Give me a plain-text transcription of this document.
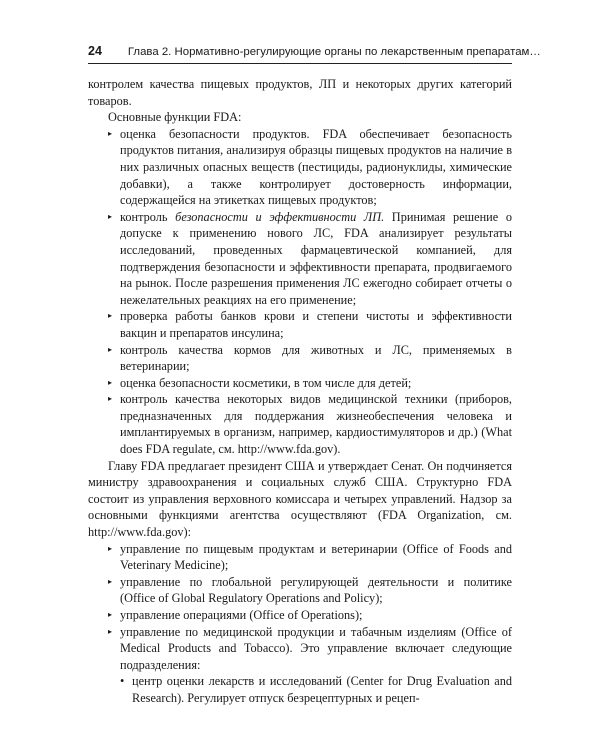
24 Глава 2. Нормативно-регулирующие органы по лекарственным препаратам…

контролем качества пищевых продуктов, ЛП и некоторых других категорий товаров.

Основные функции FDA:

▸ оценка безопасности продуктов. FDA обеспечивает безопасность продуктов питания, анализируя образцы пищевых продуктов на наличие в них различных опасных веществ (пестициды, радионуклиды, химические добавки), а также контролирует достоверность информации, содержащейся на этикетках пищевых продуктов;
▸ контроль безопасности и эффективности ЛП. Принимая решение о допуске к применению нового ЛС, FDA анализирует результаты исследований, проведенных фармацевтической компанией, для подтверждения безопасности и эффективности препарата, продвигаемого на рынок. После разрешения применения ЛС ежегодно собирает отчеты о нежелательных реакциях на его применение;
▸ проверка работы банков крови и степени чистоты и эффективности вакцин и препаратов инсулина;
▸ контроль качества кормов для животных и ЛС, применяемых в ветеринарии;
▸ оценка безопасности косметики, в том числе для детей;
▸ контроль качества некоторых видов медицинской техники (приборов, предназначенных для поддержания жизнеобеспечения человека и имплантируемых в организм, например, кардиостимуляторов и др.) (What does FDA regulate, см. http://www.fda.gov).

Главу FDA предлагает президент США и утверждает Сенат. Он подчиняется министру здравоохранения и социальных служб США. Структурно FDA состоит из управления верховного комиссара и четырех управлений. Надзор за основными функциями агентства осуществляют (FDA Organization, см. http://www.fda.gov):

▸ управление по пищевым продуктам и ветеринарии (Office of Foods and Veterinary Medicine);
▸ управление по глобальной регулирующей деятельности и политике (Office of Global Regulatory Operations and Policy);
▸ управление операциями (Office of Operations);
▸ управление по медицинской продукции и табачным изделиям (Office of Medical Products and Tobacco). Это управление включает следующие подразделения:
• центр оценки лекарств и исследований (Center for Drug Evaluation and Research). Регулирует отпуск безрецептурных и рецеп-
